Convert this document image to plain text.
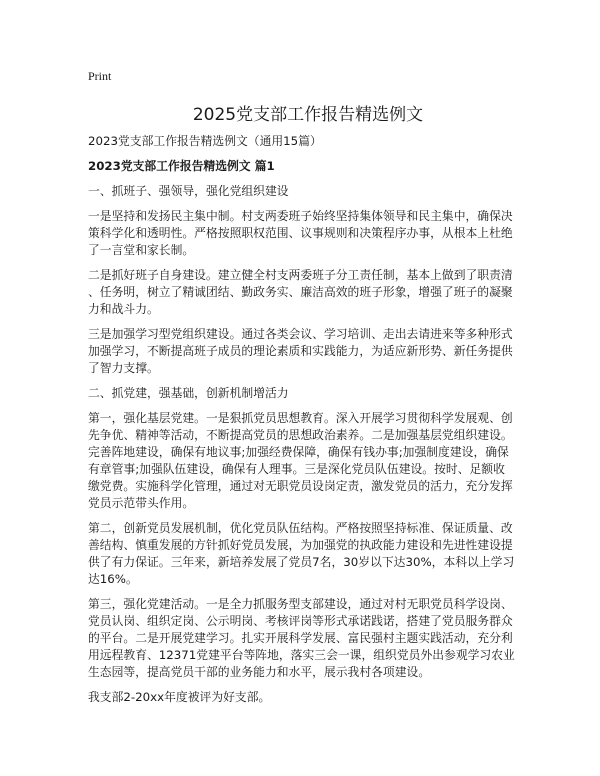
Print
2025党支部工作报告精选例文
2023党支部工作报告精选例文（通用15篇）
2023党支部工作报告精选例文 篇1
一、抓班子、强领导，强化党组织建设
一是坚持和发扬民主集中制。村支两委班子始终坚持集体领导和民主集中，确保决
策科学化和透明性。严格按照职权范围、议事规则和决策程序办事，从根本上杜绝
了一言堂和家长制。
二是抓好班子自身建设。建立健全村支两委班子分工责任制，基本上做到了职责清
、任务明，树立了精诚团结、勤政务实、廉洁高效的班子形象，增强了班子的凝聚
力和战斗力。
三是加强学习型党组织建设。通过各类会议、学习培训、走出去请进来等多种形式
加强学习，不断提高班子成员的理论素质和实践能力，为适应新形势、新任务提供
了智力支撑。
二、抓党建，强基础，创新机制增活力
第一，强化基层党建。一是狠抓党员思想教育。深入开展学习贯彻科学发展观、创
先争优、精神等活动，不断提高党员的思想政治素养。二是加强基层党组织建设。
完善阵地建设，确保有地议事;加强经费保障，确保有钱办事;加强制度建设，确保
有章管事;加强队伍建设，确保有人理事。三是深化党员队伍建设。按时、足额收
缴党费。实施科学化管理，通过对无职党员设岗定责，激发党员的活力，充分发挥
党员示范带头作用。
第二，创新党员发展机制，优化党员队伍结构。严格按照坚持标准、保证质量、改
善结构、慎重发展的方针抓好党员发展，为加强党的执政能力建设和先进性建设提
供了有力保证。三年来，新培养发展了党员7名，30岁以下达30%，本科以上学习
达16%。
第三，强化党建活动。一是全力抓服务型支部建设，通过对村无职党员科学设岗、
党员认岗、组织定岗、公示明岗、考核评岗等形式承诺践诺，搭建了党员服务群众
的平台。二是开展党建学习。扎实开展科学发展、富民强村主题实践活动，充分利
用远程教育、12371党建平台等阵地，落实三会一课，组织党员外出参观学习农业
生态园等，提高党员干部的业务能力和水平，展示我村各项建设。
我支部2-20xx年度被评为好支部。
